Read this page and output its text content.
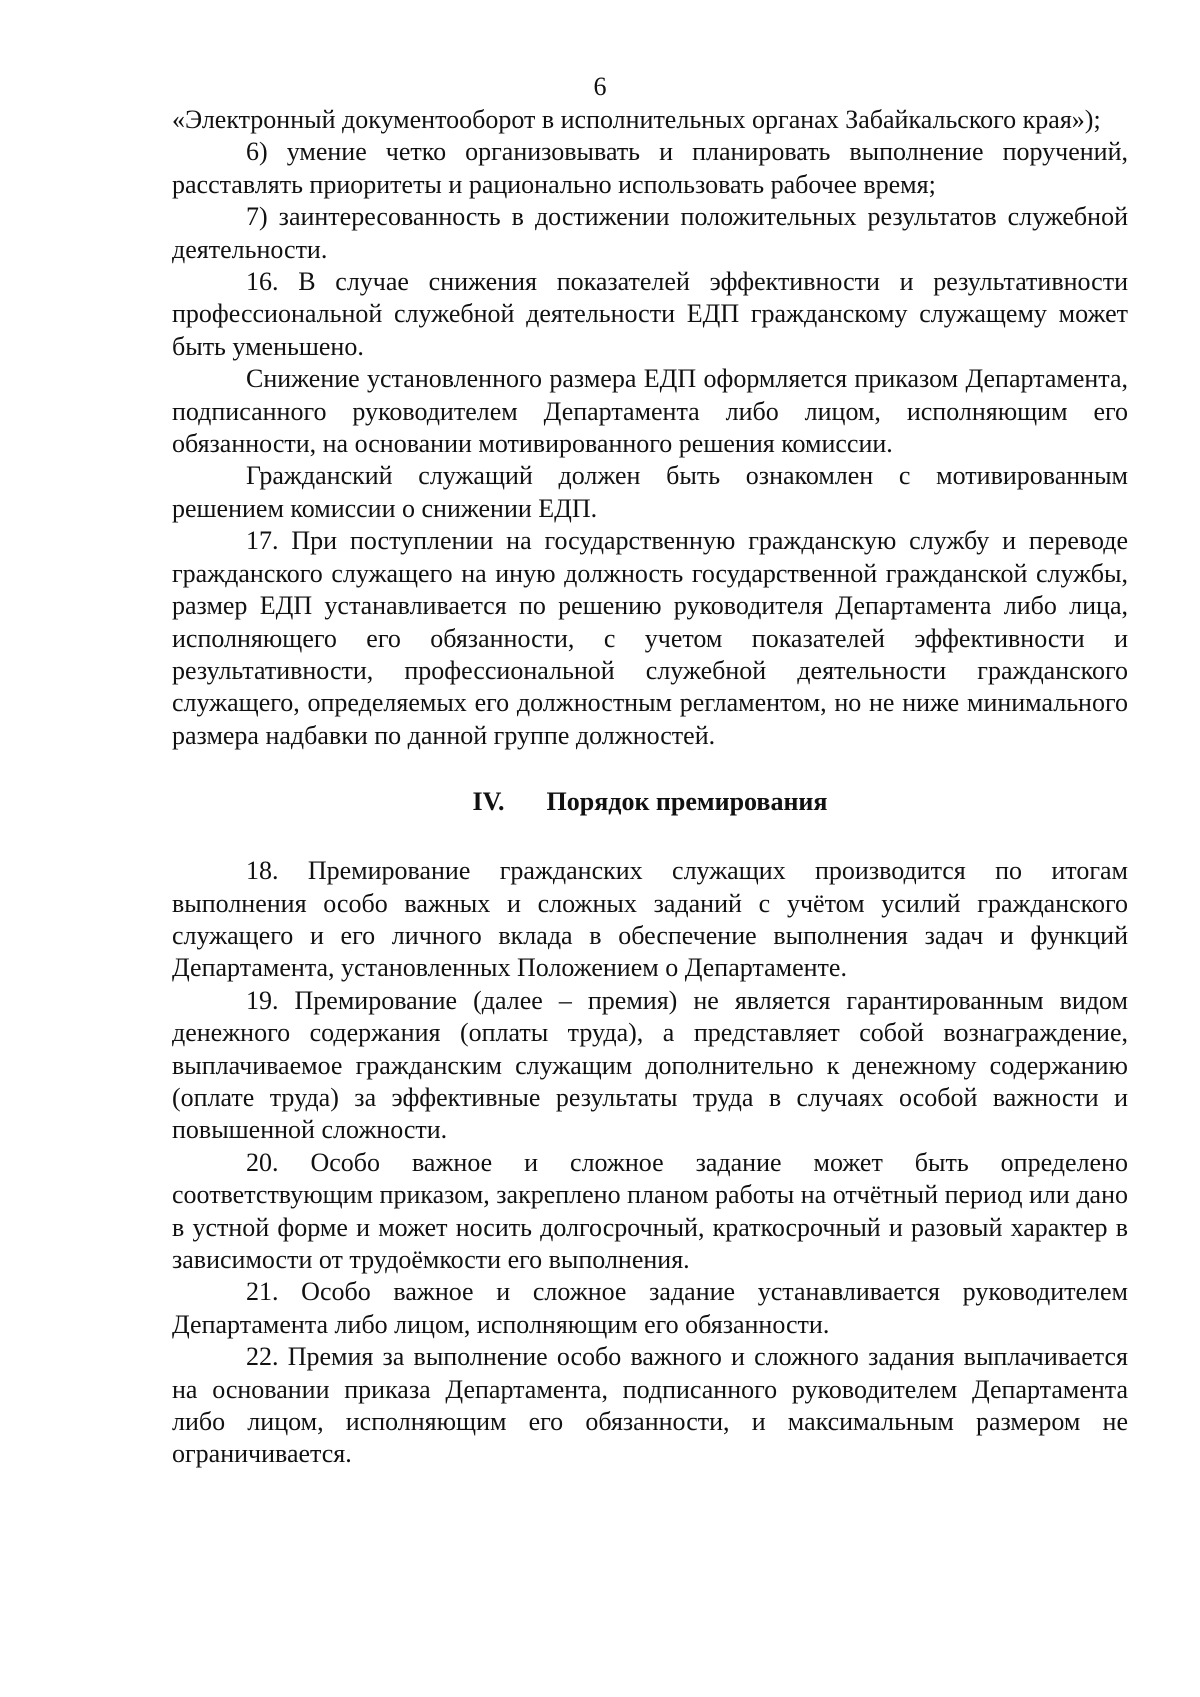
6

«Электронный документооборот в исполнительных органах Забайкальского края»);

6) умение четко организовывать и планировать выполнение поручений, расставлять приоритеты и рационально использовать рабочее время;

7) заинтересованность в достижении положительных результатов служебной деятельности.

16. В случае снижения показателей эффективности и результативности профессиональной служебной деятельности ЕДП гражданскому служащему может быть уменьшено.

Снижение установленного размера ЕДП оформляется приказом Департамента, подписанного руководителем Департамента либо лицом, исполняющим его обязанности, на основании мотивированного решения комиссии.

Гражданский служащий должен быть ознакомлен с мотивированным решением комиссии о снижении ЕДП.

17. При поступлении на государственную гражданскую службу и переводе гражданского служащего на иную должность государственной гражданской службы, размер ЕДП устанавливается по решению руководителя Департамента либо лица, исполняющего его обязанности, с учетом показателей эффективности и результативности, профессиональной служебной деятельности гражданского служащего, определяемых его должностным регламентом, но не ниже минимального размера надбавки по данной группе должностей.

IV. Порядок премирования

18. Премирование гражданских служащих производится по итогам выполнения особо важных и сложных заданий с учётом усилий гражданского служащего и его личного вклада в обеспечение выполнения задач и функций Департамента, установленных Положением о Департаменте.

19. Премирование (далее – премия) не является гарантированным видом денежного содержания (оплаты труда), а представляет собой вознаграждение, выплачиваемое гражданским служащим дополнительно к денежному содержанию (оплате труда) за эффективные результаты труда в случаях особой важности и повышенной сложности.

20. Особо важное и сложное задание может быть определено соответствующим приказом, закреплено планом работы на отчётный период или дано в устной форме и может носить долгосрочный, краткосрочный и разовый характер в зависимости от трудоёмкости его выполнения.

21. Особо важное и сложное задание устанавливается руководителем Департамента либо лицом, исполняющим его обязанности.

22. Премия за выполнение особо важного и сложного задания выплачивается на основании приказа Департамента, подписанного руководителем Департамента либо лицом, исполняющим его обязанности, и максимальным размером не ограничивается.
